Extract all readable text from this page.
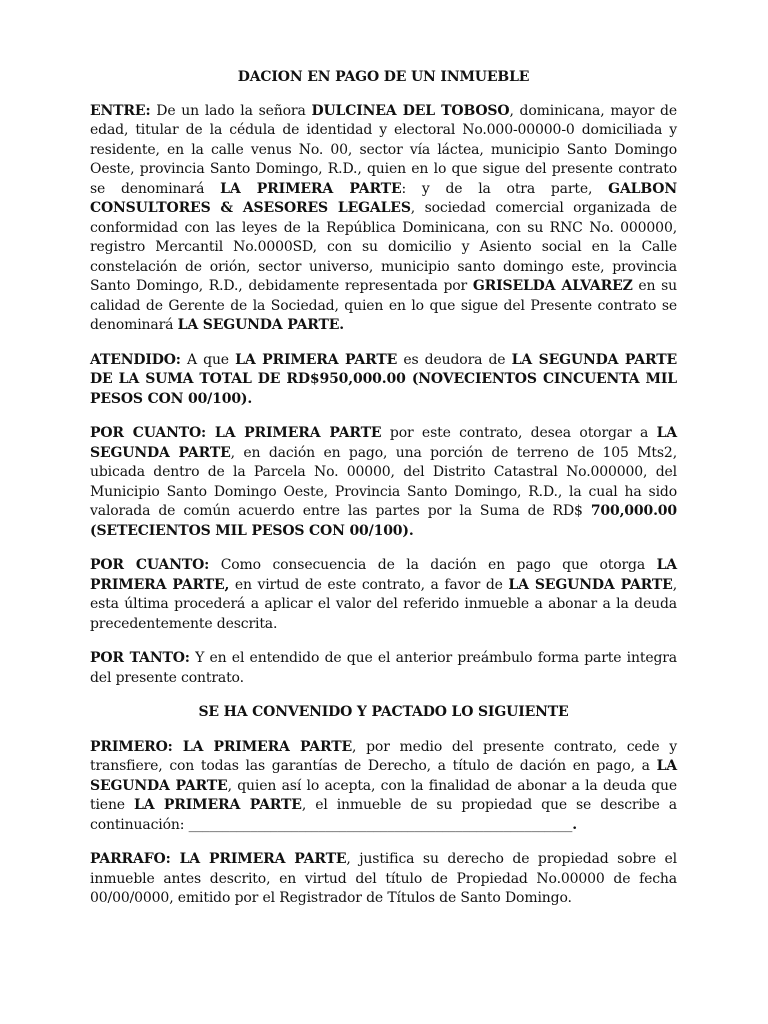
DACION EN PAGO DE UN INMUEBLE

ENTRE: De un lado la señora DULCINEA DEL TOBOSO, dominicana, mayor de edad, titular de la cédula de identidad y electoral No.000-00000-0 domiciliada y residente, en la calle venus No. 00, sector vía láctea, municipio Santo Domingo Oeste, provincia Santo Domingo, R.D., quien en lo que sigue del presente contrato se denominará LA PRIMERA PARTE: y de la otra parte, GALBON CONSULTORES & ASESORES LEGALES, sociedad comercial organizada de conformidad con las leyes de la República Dominicana, con su RNC No. 000000, registro Mercantil No.0000SD, con su domicilio y Asiento social en la Calle constelación de orión, sector universo, municipio santo domingo este, provincia Santo Domingo, R.D., debidamente representada por GRISELDA ALVAREZ en su calidad de Gerente de la Sociedad, quien en lo que sigue del Presente contrato se denominará LA SEGUNDA PARTE.

ATENDIDO: A que LA PRIMERA PARTE es deudora de LA SEGUNDA PARTE DE LA SUMA TOTAL DE RD$950,000.00 (NOVECIENTOS CINCUENTA MIL PESOS CON 00/100).

POR CUANTO: LA PRIMERA PARTE por este contrato, desea otorgar a LA SEGUNDA PARTE, en dación en pago, una porción de terreno de 105 Mts2, ubicada dentro de la Parcela No. 00000, del Distrito Catastral No.000000, del Municipio Santo Domingo Oeste, Provincia Santo Domingo, R.D., la cual ha sido valorada de común acuerdo entre las partes por la Suma de RD$ 700,000.00 (SETECIENTOS MIL PESOS CON 00/100).

POR CUANTO: Como consecuencia de la dación en pago que otorga LA PRIMERA PARTE, en virtud de este contrato, a favor de LA SEGUNDA PARTE, esta última procederá a aplicar el valor del referido inmueble a abonar a la deuda precedentemente descrita.

POR TANTO: Y en el entendido de que el anterior preámbulo forma parte integra del presente contrato.

SE HA CONVENIDO Y PACTADO LO SIGUIENTE

PRIMERO: LA PRIMERA PARTE, por medio del presente contrato, cede y transfiere, con todas las garantías de Derecho, a título de dación en pago, a LA SEGUNDA PARTE, quien así lo acepta, con la finalidad de abonar a la deuda que tiene LA PRIMERA PARTE, el inmueble de su propiedad que se describe a continuación: ________________________________________________________.

PARRAFO: LA PRIMERA PARTE, justifica su derecho de propiedad sobre el inmueble antes descrito, en virtud del título de Propiedad No.00000 de fecha 00/00/0000, emitido por el Registrador de Títulos de Santo Domingo.
